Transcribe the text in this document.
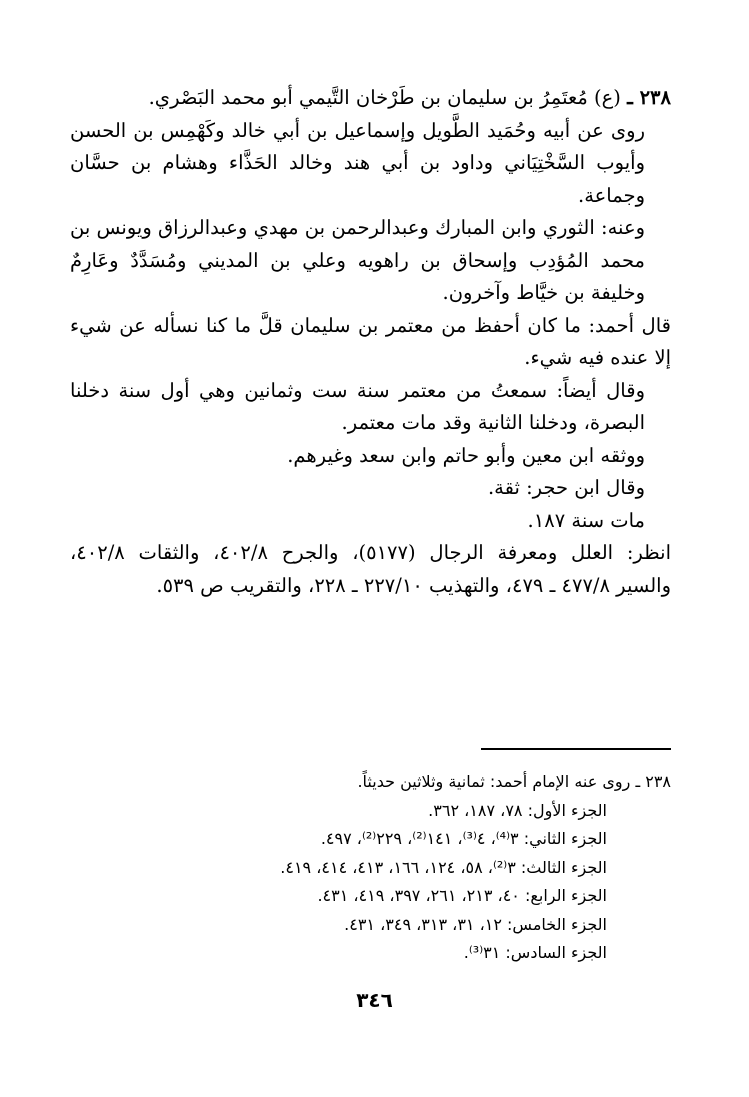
٢٣٨ ـ (ع) مُعتَمِرُ بن سليمان بن طَرْخان التَّيمي أبو محمد البَصْري.

روى عن أبيه وحُمَيد الطَّويل وإسماعيل بن أبي خالد وكَهْمِس بن الحسن وأيوب السَّخْتِيَاني وداود بن أبي هند وخالد الحَذَّاء وهشام بن حسَّان وجماعة.

وعنه: الثوري وابن المبارك وعبدالرحمن بن مهدي وعبدالرزاق ويونس بن محمد المُؤدِب وإسحاق بن راهويه وعلي بن المديني ومُسَدَّدٌ وعَارِمٌ وخليفة بن خيَّاط وآخرون.

قال أحمد: ما كان أحفظ من معتمر بن سليمان قلَّ ما كنا نسأله عن شيء إلا عنده فيه شيء.

وقال أيضاً: سمعتُ من معتمر سنة ست وثمانين وهي أول سنة دخلنا البصرة، ودخلنا الثانية وقد مات معتمر.

ووثقه ابن معين وأبو حاتم وابن سعد وغيرهم.

وقال ابن حجر: ثقة.

مات سنة ١٨٧.

انظر: العلل ومعرفة الرجال (٥١٧٧)، والجرح ٤٠٢/٨، والثقات ٤٠٢/٨، والسير ٤٧٧/٨ ـ ٤٧٩، والتهذيب ٢٢٧/١٠ ـ ٢٢٨، والتقريب ص ٥٣٩.

٢٣٨ ـ روى عنه الإمام أحمد: ثمانية وثلاثين حديثاً.

الجزء الأول: ٧٨، ١٨٧، ٣٦٢.

الجزء الثاني: ٣⁽⁴⁾، ٤⁽³⁾، ١٤١⁽²⁾، ٢٢٩⁽²⁾، ٤٩٧.

الجزء الثالث: ٣⁽²⁾، ٥٨، ١٢٤، ١٦٦، ٤١٣، ٤١٤، ٤١٩.

الجزء الرابع: ٤٠، ٢١٣، ٢٦١، ٣٩٧، ٤١٩، ٤٣١.

الجزء الخامس: ١٢، ٣١، ٣١٣، ٣٤٩، ٤٣١.

الجزء السادس: ٣١⁽³⁾.

٣٤٦
